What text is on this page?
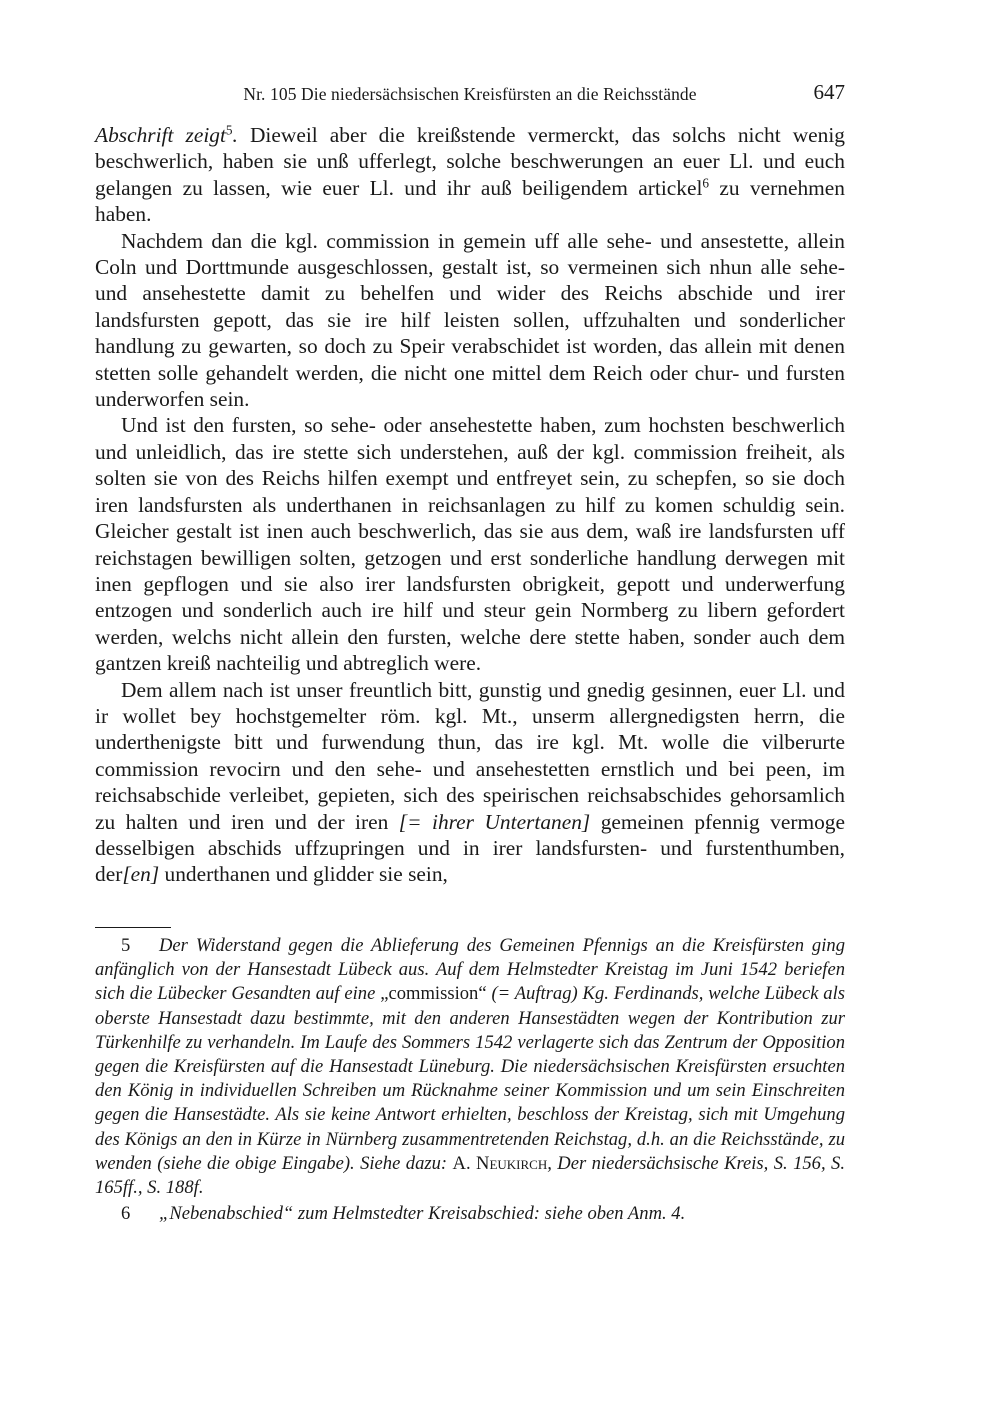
Nr. 105 Die niedersächsischen Kreisfürsten an die Reichsstände	647

Abschrift zeigt$^5$. Dieweil aber die kreißstende vermerckt, das solchs nicht wenig beschwerlich, haben sie unß ufferlegt, solche beschwerungen an euer Ll. und euch gelangen zu lassen, wie euer Ll. und ihr auß beiligendem artickel$^6$ zu vernehmen haben.

Nachdem dan die kgl. commission in gemein uff alle sehe- und ansestette, allein Coln und Dorttmunde ausgeschlossen, gestalt ist, so vermeinen sich nhun alle sehe- und ansehestette damit zu behelfen und wider des Reichs abschide und irer landsfursten gepott, das sie ire hilf leisten sollen, uffzuhalten und sonderlicher handlung zu gewarten, so doch zu Speir verabschidet ist worden, das allein mit denen stetten solle gehandelt werden, die nicht one mittel dem Reich oder chur- und fursten underworfen sein.

Und ist den fursten, so sehe- oder ansehestette haben, zum hochsten beschwerlich und unleidlich, das ire stette sich understehen, auß der kgl. commission freiheit, als solten sie von des Reichs hilfen exempt und entfreyet sein, zu schepfen, so sie doch iren landsfursten als underthanen in reichsanlagen zu hilf zu komen schuldig sein. Gleicher gestalt ist inen auch beschwerlich, das sie aus dem, waß ire landsfursten uff reichstagen bewilligen solten, getzogen und erst sonderliche handlung derwegen mit inen gepflogen und sie also irer landsfursten obrigkeit, gepott und underwerfung entzogen und sonderlich auch ire hilf und steur gein Normberg zu libern gefordert werden, welchs nicht allein den fursten, welche dere stette haben, sonder auch dem gantzen kreiß nachteilig und abtreglich were.

Dem allem nach ist unser freuntlich bitt, gunstig und gnedig gesinnen, euer Ll. und ir wollet bey hochstgemelter röm. kgl. Mt., unserm allergnedigsten herrn, die underthenigste bitt und furwendung thun, das ire kgl. Mt. wolle die vilberurte commission revocirn und den sehe- und ansehestetten ernstlich und bei peen, im reichsabschide verleibet, gepieten, sich des speirischen reichsabschides gehorsamlich zu halten und iren und der iren [= ihrer Untertanen] gemeinen pfennig vermoge desselbigen abschids uffzupringen und in irer landsfursten- und furstenthumben, der[en] underthanen und glidder sie sein,

5 Der Widerstand gegen die Ablieferung des Gemeinen Pfennigs an die Kreisfürsten ging anfänglich von der Hansestadt Lübeck aus. Auf dem Helmstedter Kreistag im Juni 1542 beriefen sich die Lübecker Gesandten auf eine „commission“ (= Auftrag) Kg. Ferdinands, welche Lübeck als oberste Hansestadt dazu bestimmte, mit den anderen Hansestädten wegen der Kontribution zur Türkenhilfe zu verhandeln. Im Laufe des Sommers 1542 verlagerte sich das Zentrum der Opposition gegen die Kreisfürsten auf die Hansestadt Lüneburg. Die niedersächsischen Kreisfürsten ersuchten den König in individuellen Schreiben um Rücknahme seiner Kommission und um sein Einschreiten gegen die Hansestädte. Als sie keine Antwort erhielten, beschloss der Kreistag, sich mit Umgehung des Königs an den in Kürze in Nürnberg zusammentretenden Reichstag, d.h. an die Reichsstände, zu wenden (siehe die obige Eingabe). Siehe dazu: A. Neukirch, Der niedersächsische Kreis, S. 156, S. 165ff., S. 188f.

6 „Nebenabschied“ zum Helmstedter Kreisabschied: siehe oben Anm. 4.
